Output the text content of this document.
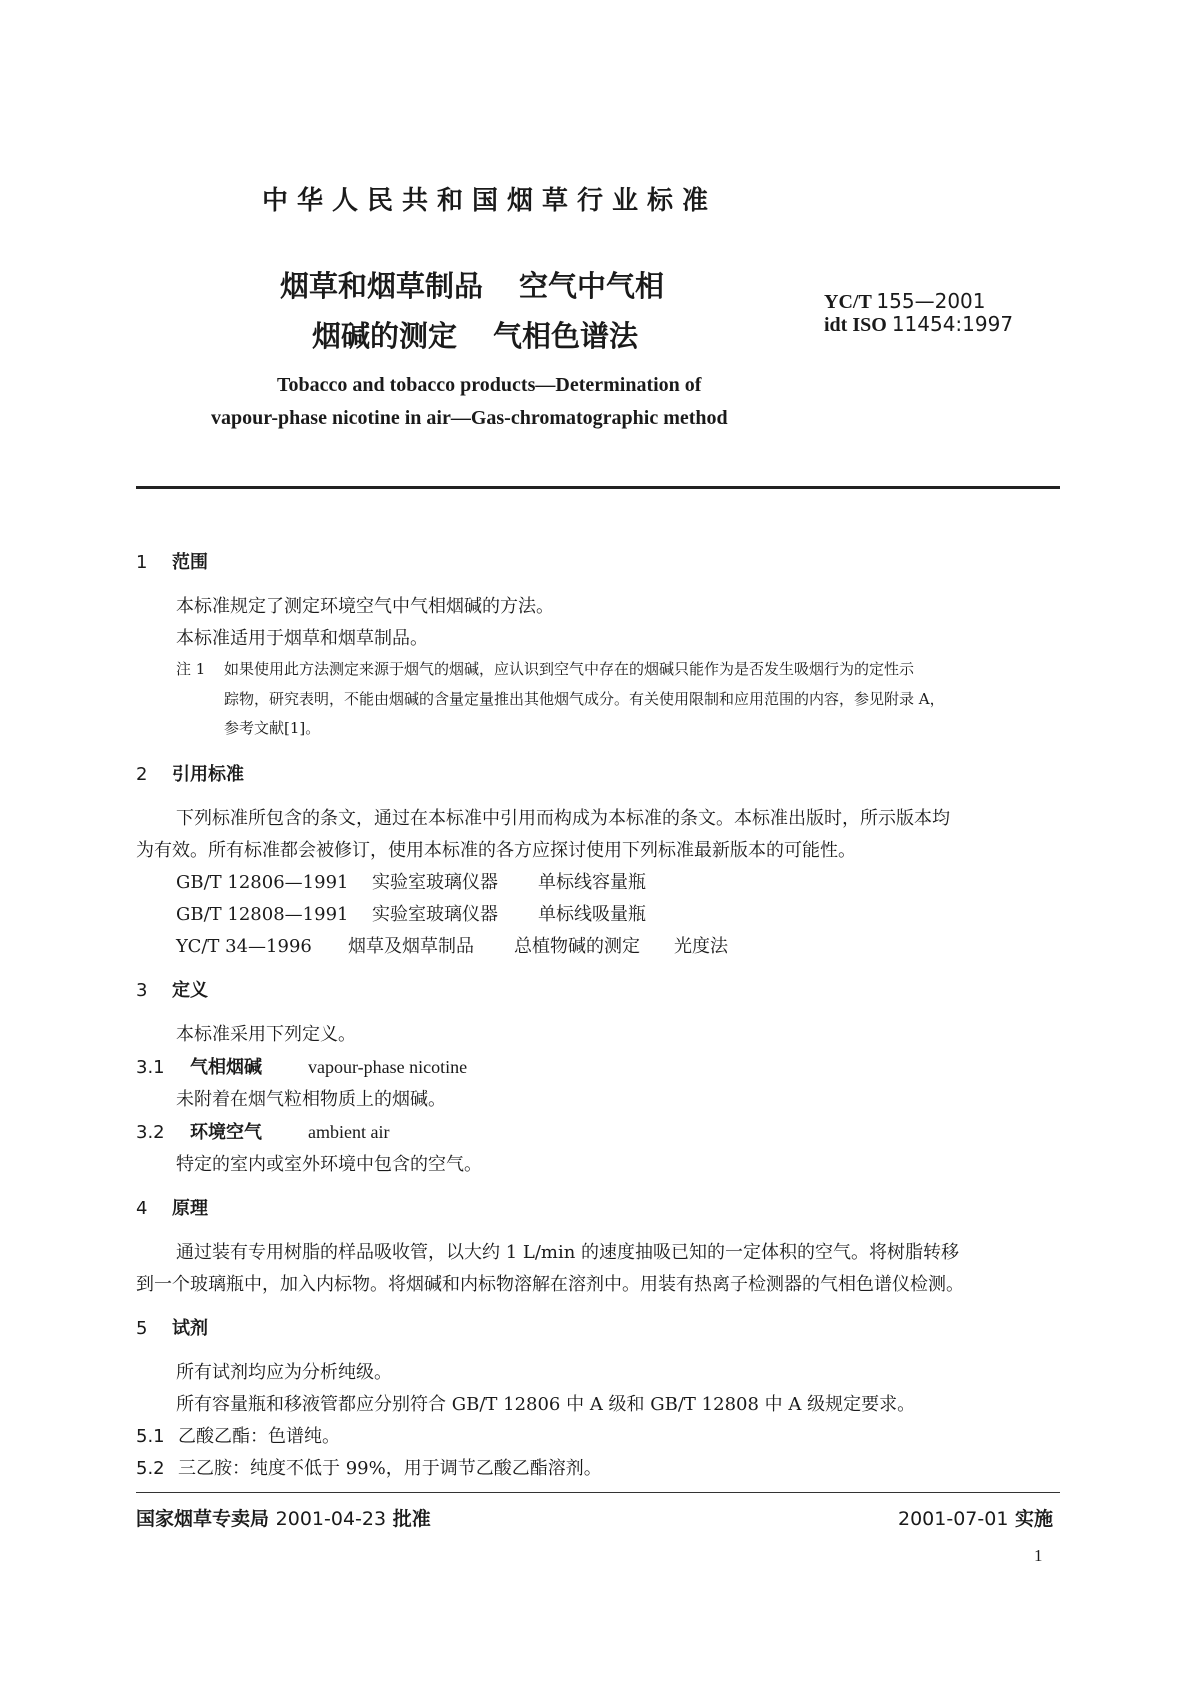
中华人民共和国烟草行业标准
烟草和烟草制品 空气中气相
烟碱的测定 气相色谱法
YC/T 155—2001
idt ISO 11454:1997
Tobacco and tobacco products—Determination of
vapour-phase nicotine in air—Gas-chromatographic method
1 范围
本标准规定了测定环境空气中气相烟碱的方法。
本标准适用于烟草和烟草制品。
注 1 如果使用此方法测定来源于烟气的烟碱，应认识到空气中存在的烟碱只能作为是否发生吸烟行为的定性示
踪物，研究表明，不能由烟碱的含量定量推出其他烟气成分。有关使用限制和应用范围的内容，参见附录 A，
参考文献[1]。
2 引用标准
下列标准所包含的条文，通过在本标准中引用而构成为本标准的条文。本标准出版时，所示版本均
为有效。所有标准都会被修订，使用本标准的各方应探讨使用下列标准最新版本的可能性。
GB/T 12806—1991 实验室玻璃仪器 单标线容量瓶
GB/T 12808—1991 实验室玻璃仪器 单标线吸量瓶
YC/T 34—1996 烟草及烟草制品 总植物碱的测定 光度法
3 定义
本标准采用下列定义。
3.1 气相烟碱	vapour-phase nicotine
未附着在烟气粒相物质上的烟碱。
3.2 环境空气	ambient air
特定的室内或室外环境中包含的空气。
4 原理
通过装有专用树脂的样品吸收管，以大约 1 L/min 的速度抽吸已知的一定体积的空气。将树脂转移
到一个玻璃瓶中，加入内标物。将烟碱和内标物溶解在溶剂中。用装有热离子检测器的气相色谱仪检测。
5 试剂
所有试剂均应为分析纯级。
所有容量瓶和移液管都应分别符合 GB/T 12806 中 A 级和 GB/T 12808 中 A 级规定要求。
5.1 乙酸乙酯：色谱纯。
5.2 三乙胺：纯度不低于 99%，用于调节乙酸乙酯溶剂。
国家烟草专卖局 2001-04-23 批准	2001-07-01 实施
1
